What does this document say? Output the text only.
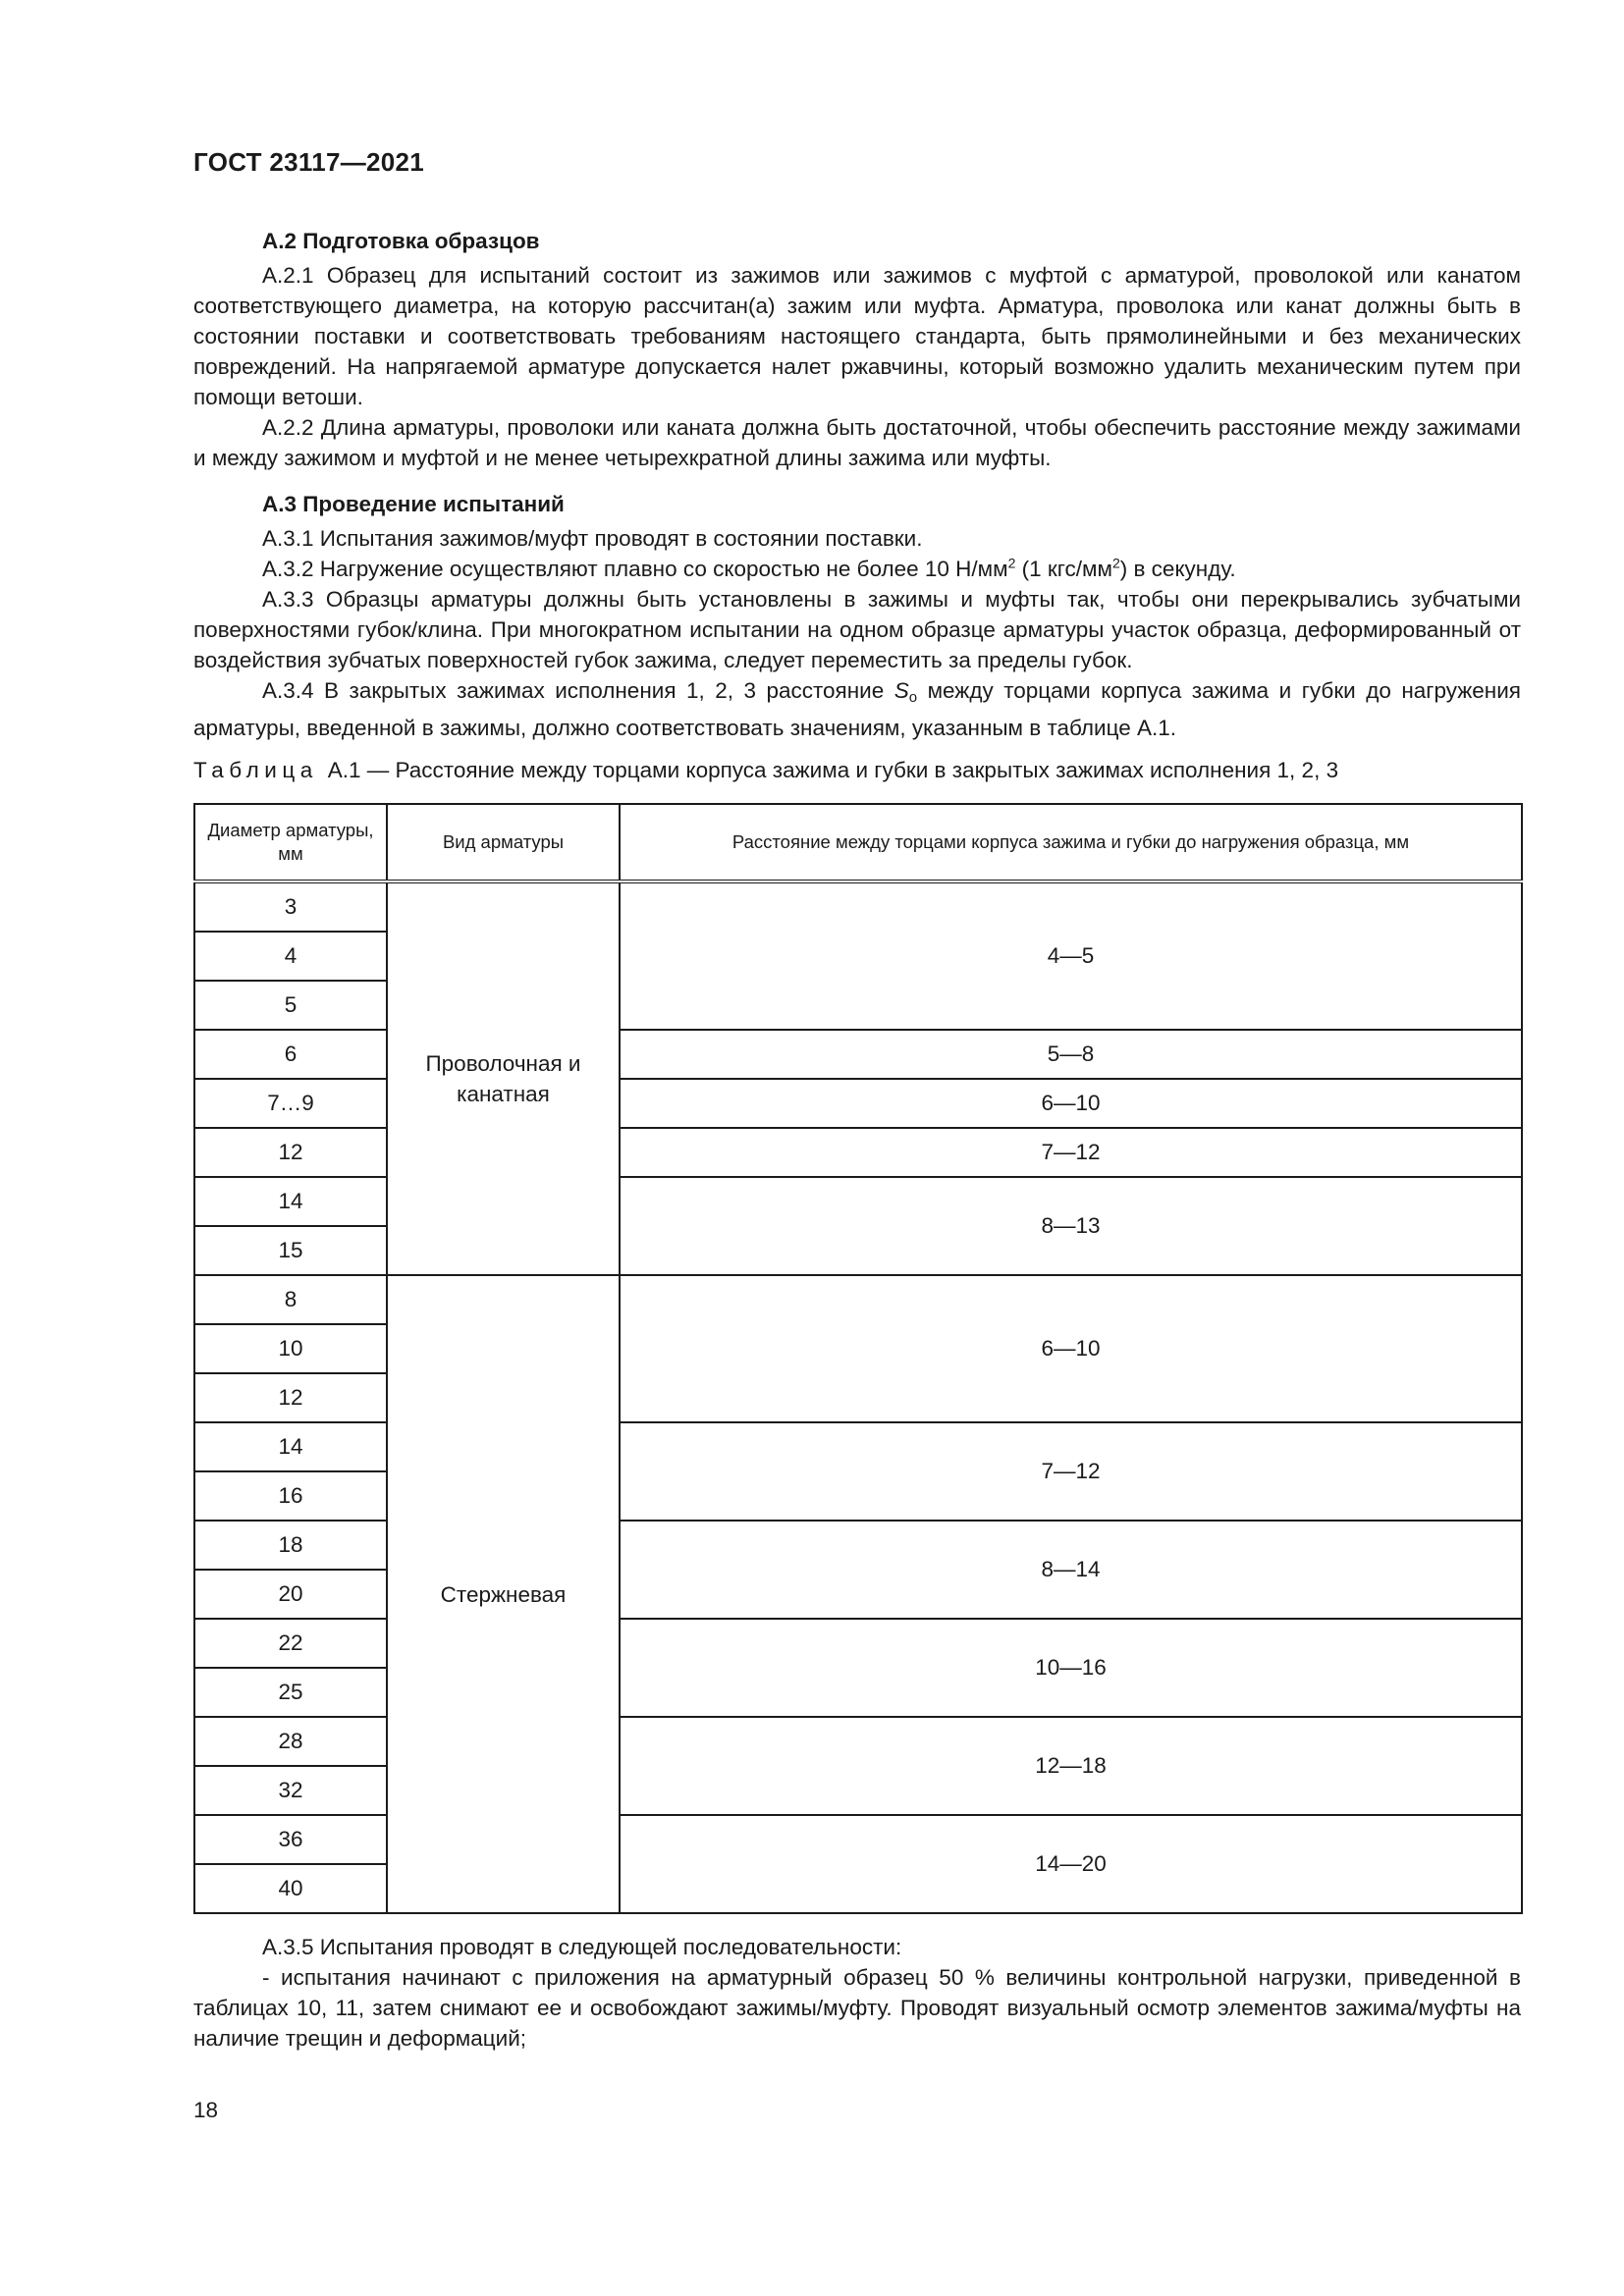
ГОСТ 23117—2021
А.2 Подготовка образцов

А.2.1 Образец для испытаний состоит из зажимов или зажимов с муфтой с арматурой, проволокой или канатом соответствующего диаметра, на которую рассчитан(а) зажим или муфта. Арматура, проволока или канат должны быть в состоянии поставки и соответствовать требованиям настоящего стандарта, быть прямолинейными и без механических повреждений. На напрягаемой арматуре допускается налет ржавчины, который возможно удалить механическим путем при помощи ветоши.

А.2.2 Длина арматуры, проволоки или каната должна быть достаточной, чтобы обеспечить расстояние между зажимами и между зажимом и муфтой и не менее четырехкратной длины зажима или муфты.

А.3 Проведение испытаний

А.3.1 Испытания зажимов/муфт проводят в состоянии поставки.

А.3.2 Нагружение осуществляют плавно со скоростью не более 10 $Н/мм^2$ (1 кгс/$мм^2$) в секунду.

А.3.3 Образцы арматуры должны быть установлены в зажимы и муфты так, чтобы они перекрывались зубчатыми поверхностями губок/клина. При многократном испытании на одном образце арматуры участок образца, деформированный от воздействия зубчатых поверхностей губок зажима, следует переместить за пределы губок.

А.3.4 В закрытых зажимах исполнения 1, 2, 3 расстояние Sо между торцами корпуса зажима и губки до нагружения арматуры, введенной в зажимы, должно соответствовать значениям, указанным в таблице А.1.

Таблица А.1 — Расстояние между торцами корпуса зажима и губки в закрытых зажимах исполнения 1, 2, 3
Диаметр арматуры, мм	Вид арматуры	Расстояние между торцами корпуса зажима и губки до нагружения образца, мм
3	Проволочная и канатная	4—5
4		
5		
6		5—8
7…9		6—10
12		7—12
14		8—13
15		
8	Стержневая	6—10
10		
12		
14		7—12
16		
18		8—14
20		
22		10—16
25		
28		12—18
32		
36		14—20
40		

А.3.5 Испытания проводят в следующей последовательности:

- испытания начинают с приложения на арматурный образец 50 % величины контрольной нагрузки, приведенной в таблицах 10, 11, затем снимают ее и освобождают зажимы/муфту. Проводят визуальный осмотр элементов зажима/муфты на наличие трещин и деформаций;

18
